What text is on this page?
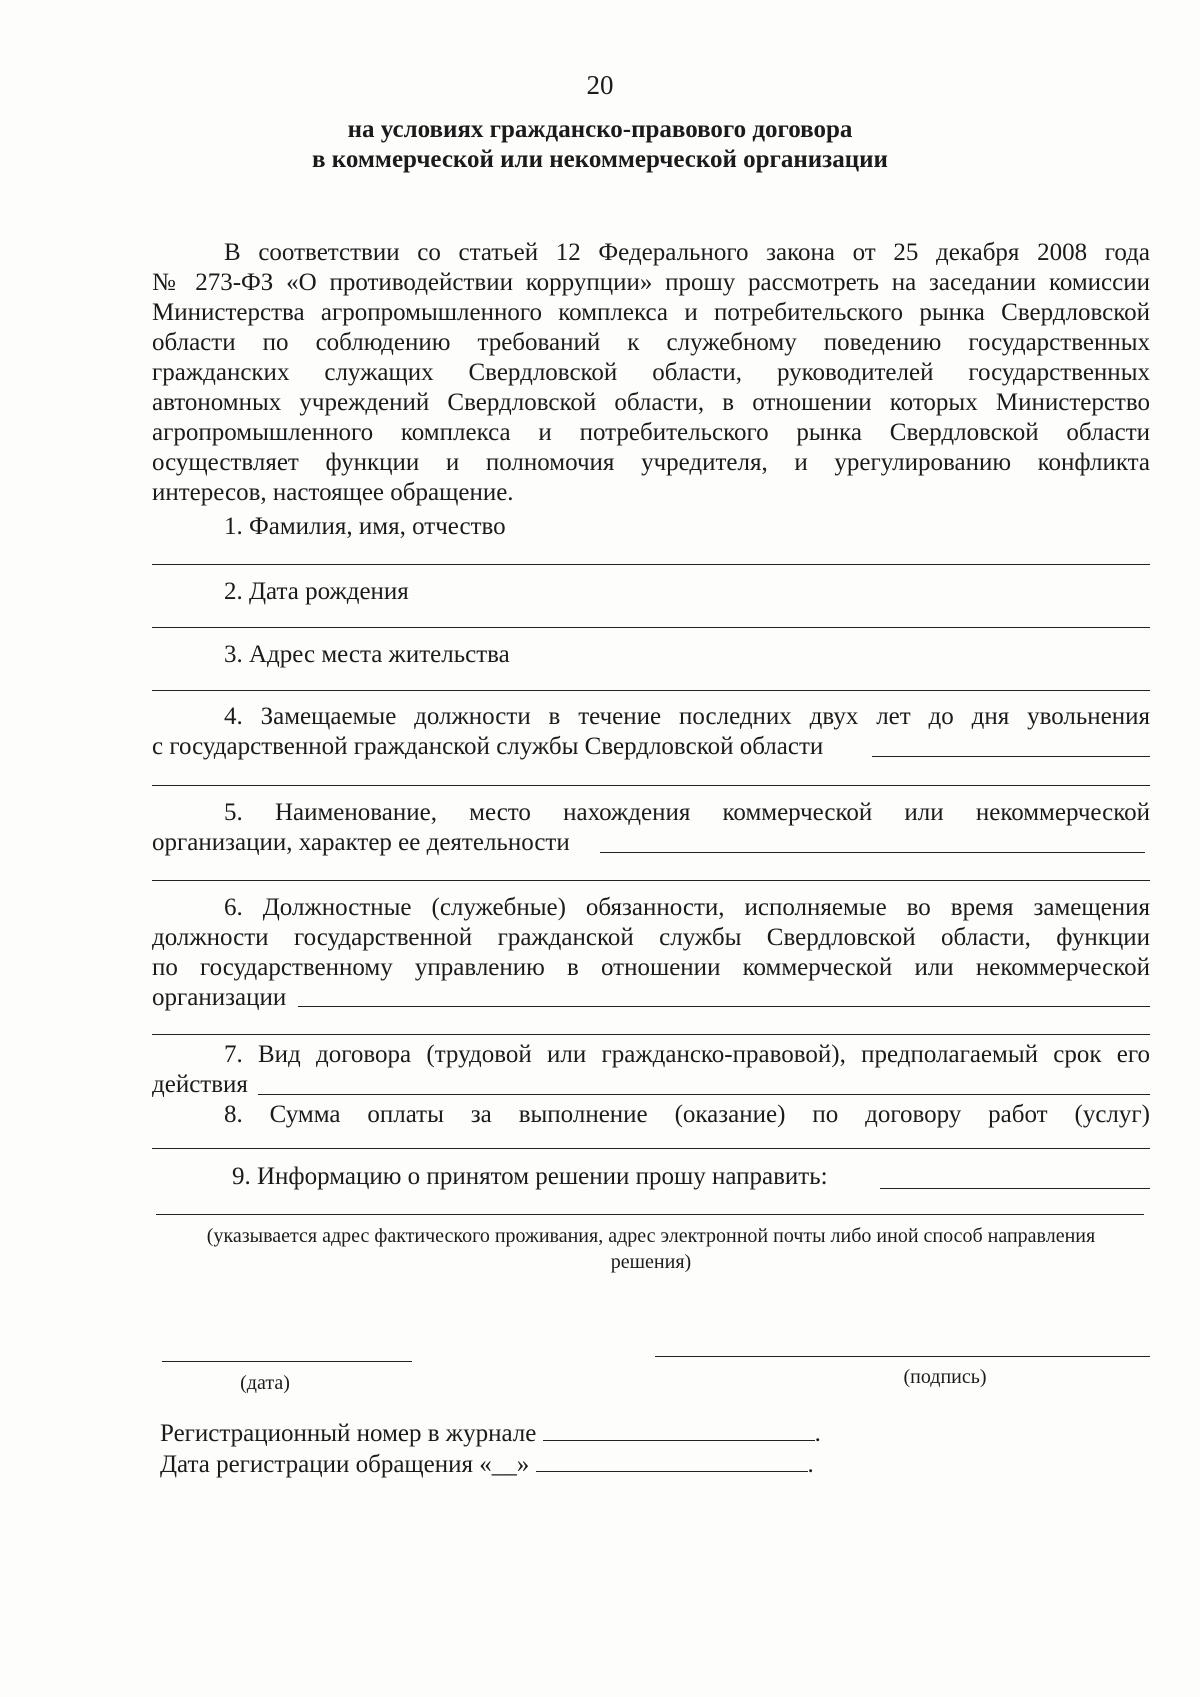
20
на условиях гражданско-правового договора
в коммерческой или некоммерческой организации
В соответствии со статьей 12 Федерального закона от 25 декабря 2008 года
№ 273-ФЗ «О противодействии коррупции» прошу рассмотреть на заседании комиссии
Министерства агропромышленного комплекса и потребительского рынка Свердловской
области по соблюдению требований к служебному поведению государственных
гражданских служащих Свердловской области, руководителей государственных
автономных учреждений Свердловской области, в отношении которых Министерство
агропромышленного комплекса и потребительского рынка Свердловской области
осуществляет функции и полномочия учредителя, и урегулированию конфликта
интересов, настоящее обращение.
1. Фамилия, имя, отчество
2. Дата рождения
3. Адрес места жительства
4. Замещаемые должности в течение последних двух лет до дня увольнения
с государственной гражданской службы Свердловской области
5. Наименование, место нахождения коммерческой или некоммерческой
организации, характер ее деятельности
6. Должностные (служебные) обязанности, исполняемые во время замещения
должности государственной гражданской службы Свердловской области, функции
по государственному управлению в отношении коммерческой или некоммерческой
организации
7. Вид договора (трудовой или гражданско-правовой), предполагаемый срок его
действия
8. Сумма оплаты за выполнение (оказание) по договору работ (услуг)
9. Информацию о принятом решении прошу направить:
(указывается адрес фактического проживания, адрес электронной почты либо иной способ направления
решения)
(дата)	(подпись)
Регистрационный номер в журнале	.
Дата регистрации обращения «__»	.
